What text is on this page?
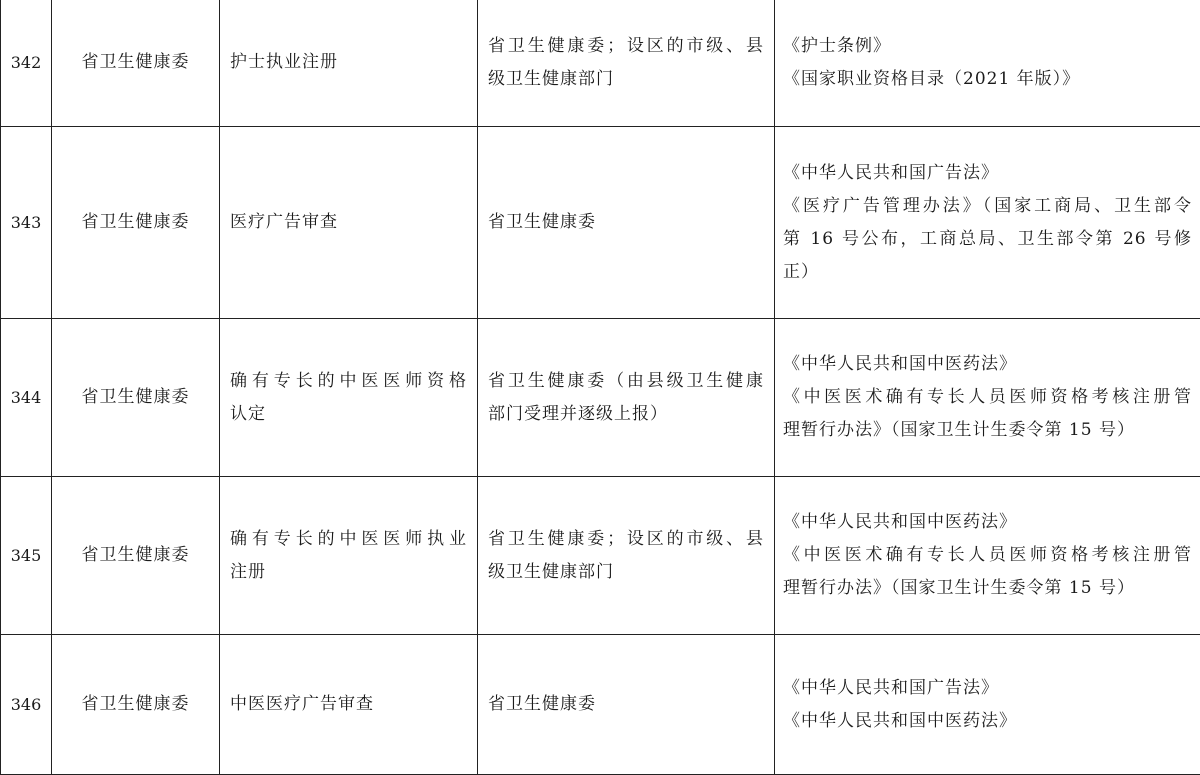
342	省卫生健康委	护士执业注册	省卫生健康委；设区的市级、县
级卫生健康部门	《护士条例》
《国家职业资格目录（2021 年版）》

343	省卫生健康委	医疗广告审查	省卫生健康委	《中华人民共和国广告法》
《医疗广告管理办法》（国家工商局、卫生部令
第 16 号公布，工商总局、卫生部令第 26 号修
正）

344	省卫生健康委	确有专长的中医医师资格
认定	省卫生健康委（由县级卫生健康
部门受理并逐级上报）	《中华人民共和国中医药法》
《中医医术确有专长人员医师资格考核注册管
理暂行办法》（国家卫生计生委令第 15 号）

345	省卫生健康委	确有专长的中医医师执业
注册	省卫生健康委；设区的市级、县
级卫生健康部门	《中华人民共和国中医药法》
《中医医术确有专长人员医师资格考核注册管
理暂行办法》（国家卫生计生委令第 15 号）

346	省卫生健康委	中医医疗广告审查	省卫生健康委	《中华人民共和国广告法》
《中华人民共和国中医药法》
